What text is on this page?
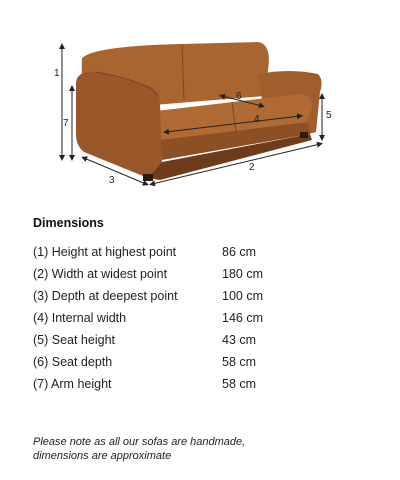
1
2
3
4	5
6
7
Dimensions
(1) Height at highest point	86 cm
(2) Width at widest point	180 cm
(3) Depth at deepest point	100 cm
(4) Internal width	146 cm
(5) Seat height	43 cm
(6) Seat depth	58 cm
(7) Arm height	58 cm
Please note as all our sofas are handmade,
dimensions are approximate
